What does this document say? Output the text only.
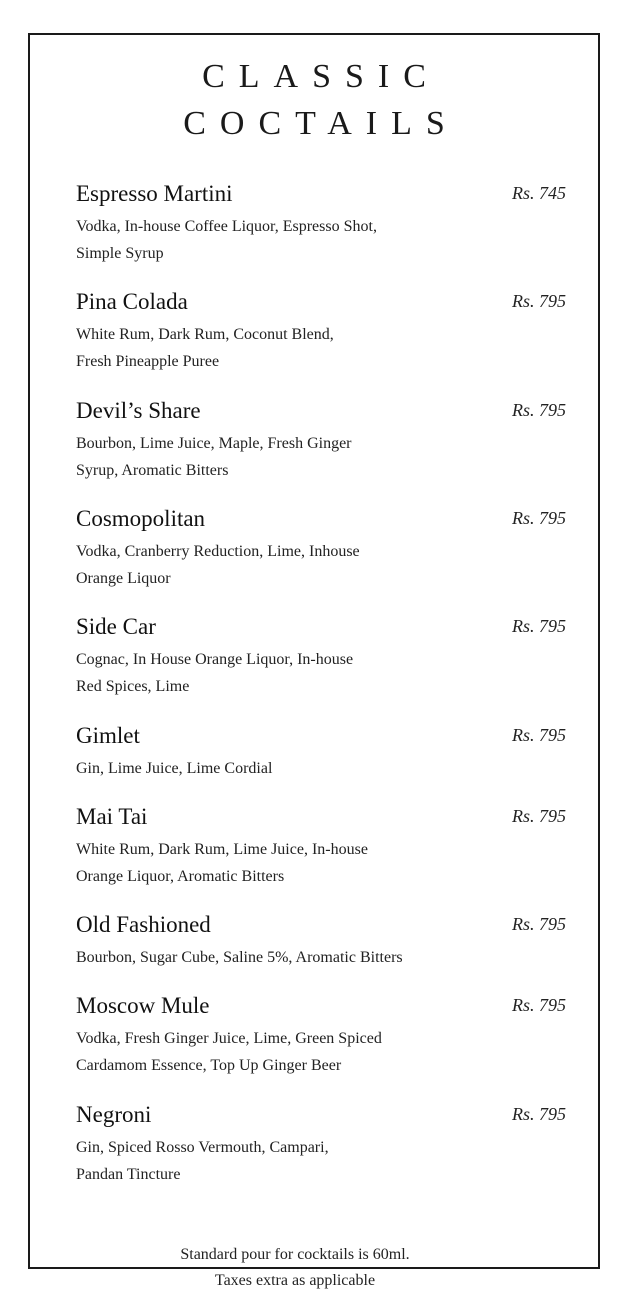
CLASSIC
COCTAILS
Espresso Martini	Rs. 745
Vodka, In-house Coffee Liquor, Espresso Shot,
Simple Syrup
Pina Colada	Rs. 795
White Rum, Dark Rum, Coconut Blend,
Fresh Pineapple Puree
Devil’s Share	Rs. 795
Bourbon, Lime Juice, Maple, Fresh Ginger
Syrup, Aromatic Bitters
Cosmopolitan	Rs. 795
Vodka, Cranberry Reduction, Lime, Inhouse
Orange Liquor
Side Car	Rs. 795
Cognac, In House Orange Liquor, In-house
Red Spices, Lime
Gimlet	Rs. 795
Gin, Lime Juice, Lime Cordial
Mai Tai	Rs. 795
White Rum, Dark Rum, Lime Juice, In-house
Orange Liquor, Aromatic Bitters
Old Fashioned	Rs. 795
Bourbon, Sugar Cube, Saline 5%, Aromatic Bitters
Moscow Mule	Rs. 795
Vodka, Fresh Ginger Juice, Lime, Green Spiced
Cardamom Essence, Top Up Ginger Beer
Negroni	Rs. 795
Gin, Spiced Rosso Vermouth, Campari,
Pandan Tincture
Standard pour for cocktails is 60ml.
Taxes extra as applicable
